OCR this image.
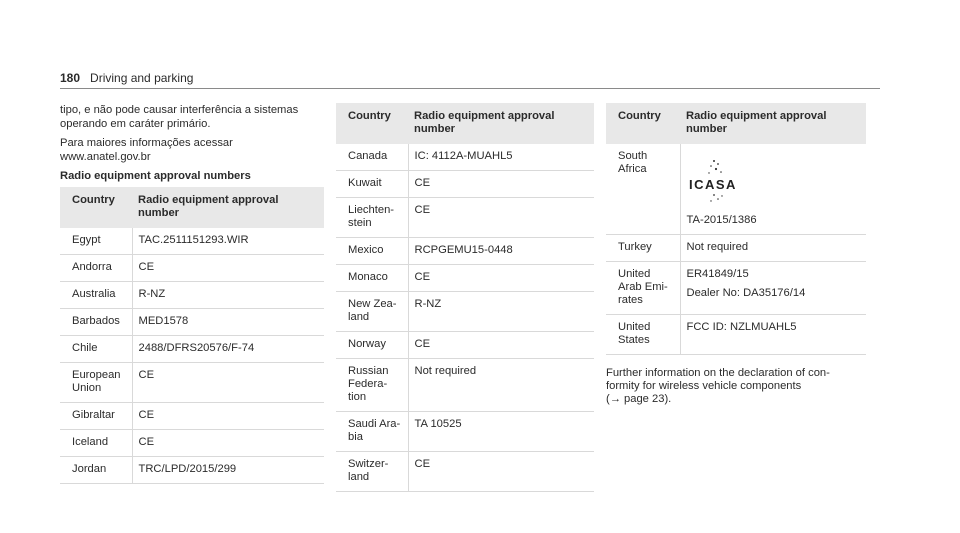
180 Driving and parking

tipo, e não pode causar interferência a sistemas
operando em caráter primário.

Para maiores informações acessar
www.anatel.gov.br

Radio equipment approval numbers
Country	Radio equipment approval
number
Egypt	TAC.2511151293.WIR
Andorra	CE
Australia	R-NZ
Barbados	MED1578
Chile	2488/DFRS20576/F-74
European
Union	CE
Gibraltar	CE
Iceland	CE
Jordan	TRC/LPD/2015/299
Country	Radio equipment approval
number
Canada	IC: 4112A-MUAHL5
Kuwait	CE
Liechten-
stein	CE
Mexico	RCPGEMU15-0448
Monaco	CE
New Zea-
land	R-NZ
Norway	CE
Russian
Federa-
tion	Not required
Saudi Ara-
bia	TA 10525
Switzer-
land	CE
Country	Radio equipment approval
number
South
Africa	ICASA
TA-2015/1386
Turkey	Not required
United
Arab Emi-
rates	ER41849/15
Dealer No: DA35176/14

United
States	FCC ID: NZLMUAHL5

Further information on the declaration of con-

formity for wireless vehicle components

(→ page 23).
